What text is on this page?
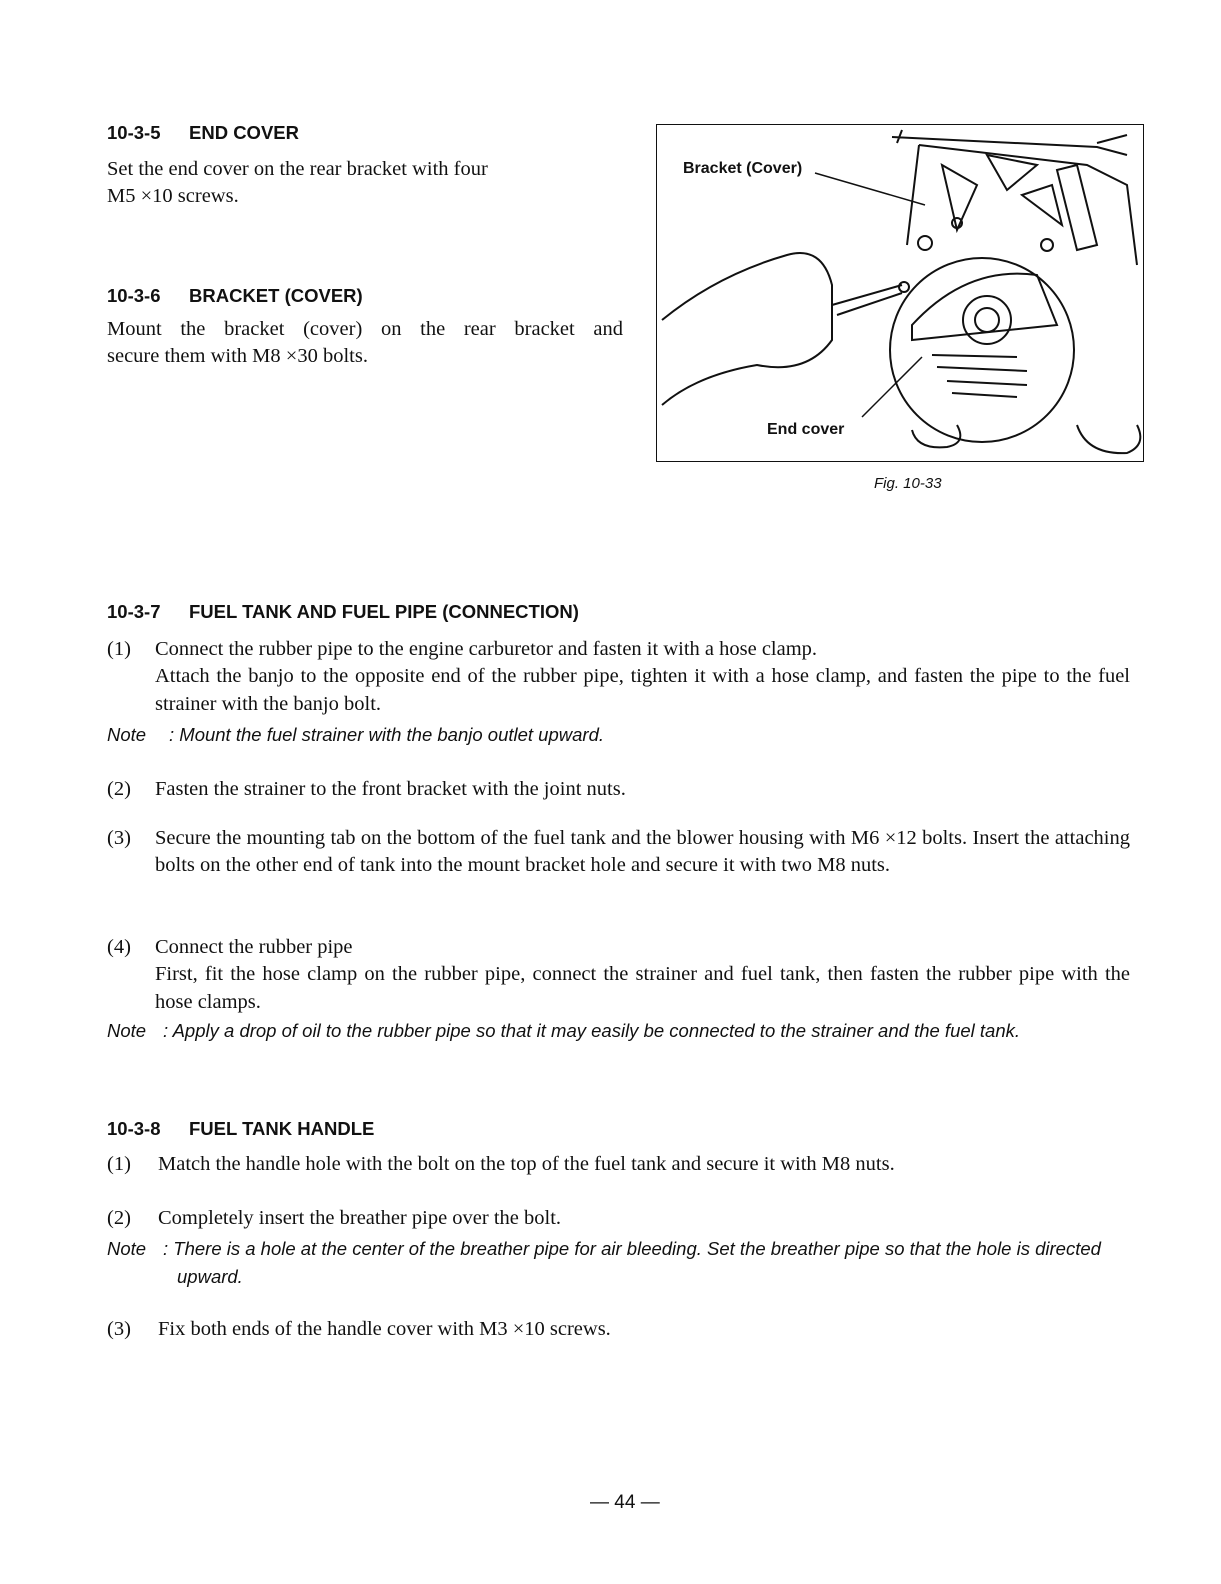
10-3-5 END COVER
Set the end cover on the rear bracket with four
M5 ×10 screws.
10-3-6 BRACKET (COVER)
Mount the bracket (cover) on the rear bracket and
secure them with M8 ×30 bolts.
Bracket (Cover)
End cover
Fig. 10-33
10-3-7 FUEL TANK AND FUEL PIPE (CONNECTION)
(1) Connect the rubber pipe to the engine carburetor and fasten it with a hose clamp.
Attach the banjo to the opposite end of the rubber pipe, tighten it with a hose clamp, and fasten the pipe to the fuel strainer with the banjo bolt.
Note : Mount the fuel strainer with the banjo outlet upward.
(2) Fasten the strainer to the front bracket with the joint nuts.
(3) Secure the mounting tab on the bottom of the fuel tank and the blower housing with M6 ×12 bolts. Insert the attaching bolts on the other end of tank into the mount bracket hole and secure it with two M8 nuts.
(4) Connect the rubber pipe
First, fit the hose clamp on the rubber pipe, connect the strainer and fuel tank, then fasten the rubber pipe with the hose clamps.
Note : Apply a drop of oil to the rubber pipe so that it may easily be connected to the strainer and the fuel tank.
10-3-8 FUEL TANK HANDLE
(1) Match the handle hole with the bolt on the top of the fuel tank and secure it with M8 nuts.
(2) Completely insert the breather pipe over the bolt.
Note : There is a hole at the center of the breather pipe for air bleeding. Set the breather pipe so that the hole is directed upward.
(3) Fix both ends of the handle cover with M3 ×10 screws.
— 44 —
